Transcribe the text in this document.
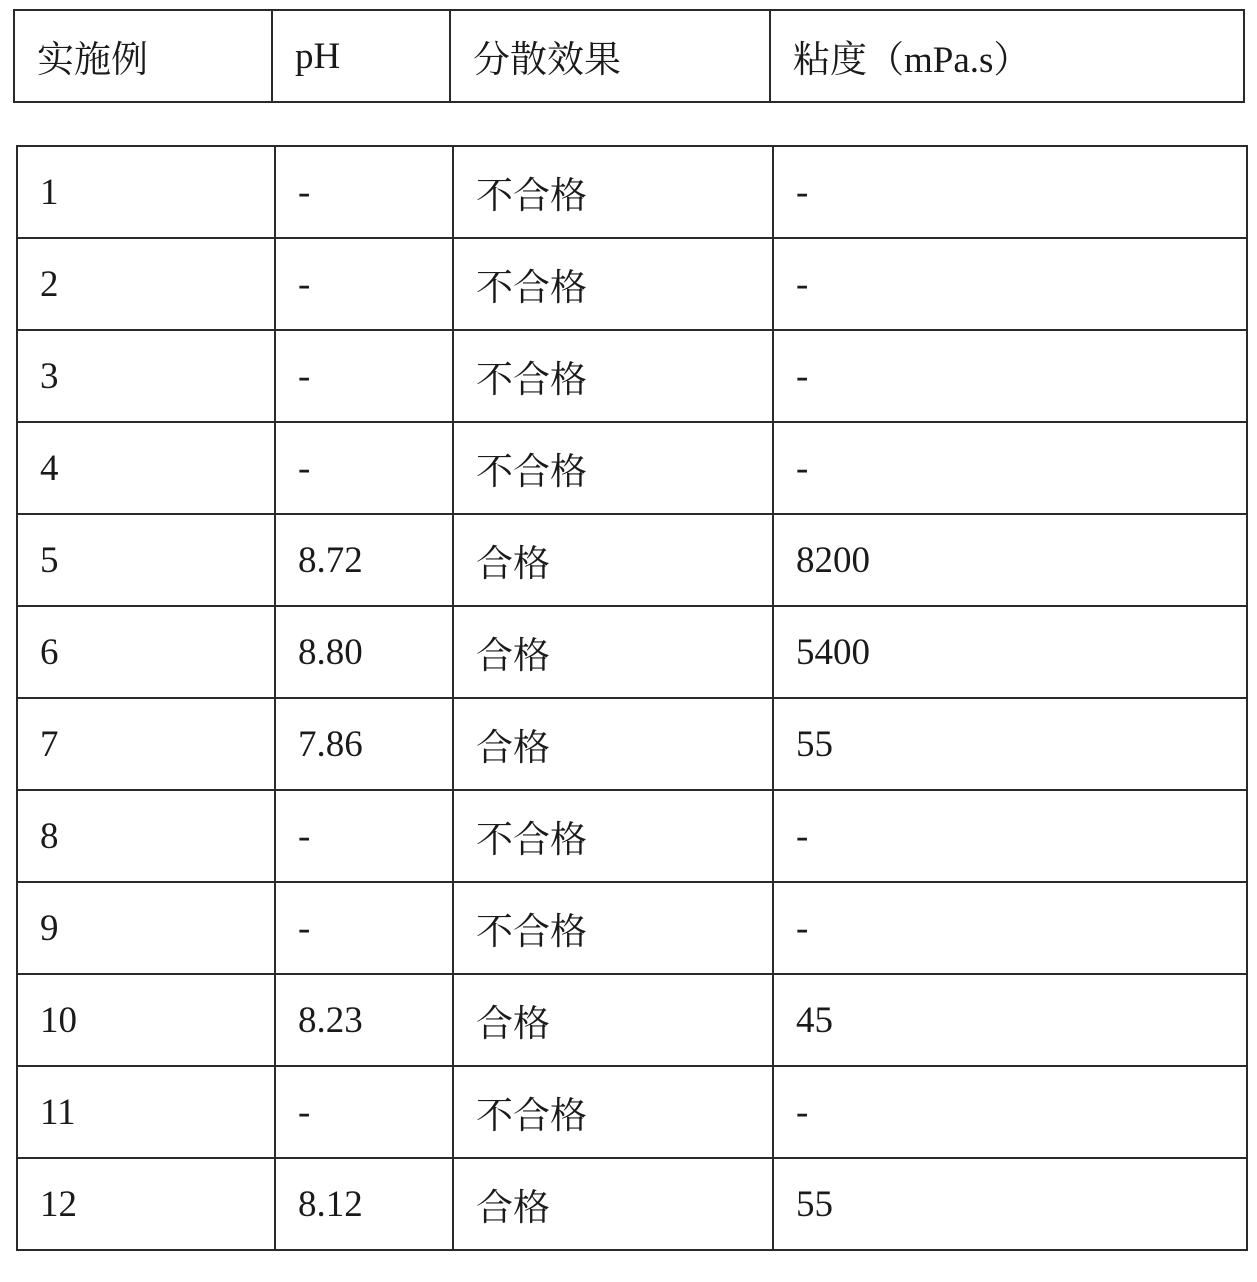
实施例	pH	分散效果	粘度（mPa.s）
1	-	不合格	-
2	-	不合格	-
3	-	不合格	-
4	-	不合格	-
5	8.72	合格	8200
6	8.80	合格	5400
7	7.86	合格	55
8	-	不合格	-
9	-	不合格	-
10	8.23	合格	45
11	-	不合格	-
12	8.12	合格	55
